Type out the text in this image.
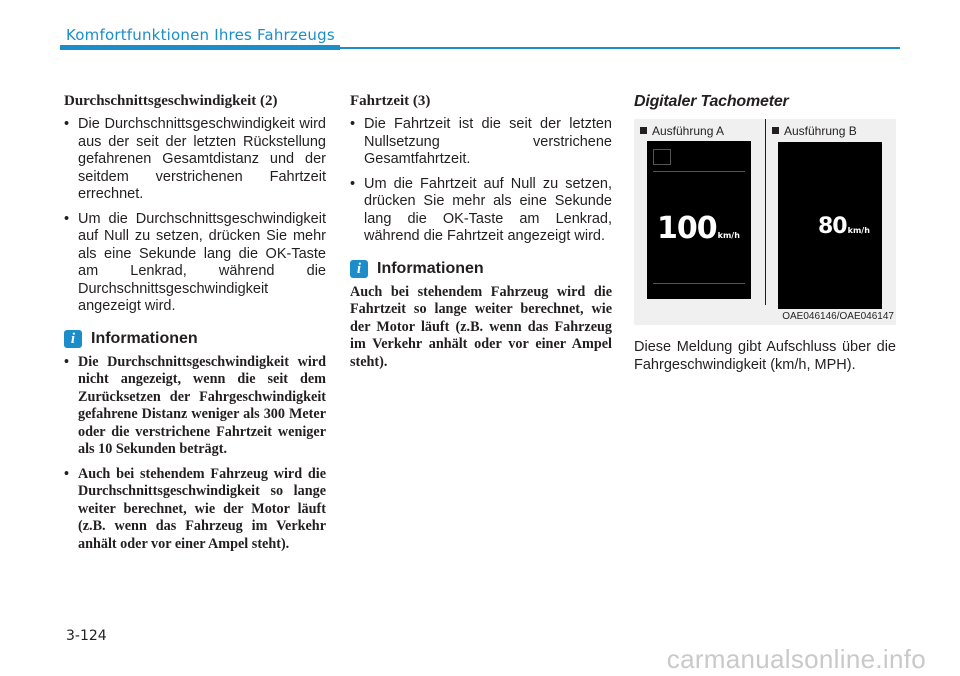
Komfortfunktionen Ihres Fahrzeugs
Durchschnittsgeschwindigkeit (2)
• Die Durchschnittsgeschwindigkeit wird aus der seit der letzten Rückstellung gefahrenen Gesamtdistanz und der seitdem verstrichenen Fahrtzeit errechnet.
• Um die Durchschnittsgeschwindigkeit auf Null zu setzen, drücken Sie mehr als eine Sekunde lang die OK-Taste am Lenkrad, während die Durchschnittsgeschwindigkeit angezeigt wird.
i Informationen
• Die Durchschnittsgeschwindigkeit wird nicht angezeigt, wenn die seit dem Zurücksetzen der Fahrgeschwindigkeit gefahrene Distanz weniger als 300 Meter oder die verstrichene Fahrtzeit weniger als 10 Sekunden beträgt.
• Auch bei stehendem Fahrzeug wird die Durchschnittsgeschwindigkeit so lange weiter berechnet, wie der Motor läuft (z.B. wenn das Fahrzeug im Verkehr anhält oder vor einer Ampel steht).
Fahrtzeit (3)
• Die Fahrtzeit ist die seit der letzten Nullsetzung verstrichene Gesamtfahrtzeit.
• Um die Fahrtzeit auf Null zu setzen, drücken Sie mehr als eine Sekunde lang die OK-Taste am Lenkrad, während die Fahrtzeit angezeigt wird.
i Informationen

Auch bei stehendem Fahrzeug wird die Fahrtzeit so lange weiter berechnet, wie der Motor läuft (z.B. wenn das Fahrzeug im Verkehr anhält oder vor einer Ampel steht).

Digitaler Tachometer
Ausführung A	Ausführung B
100km/h	80km/h
OAE046146/OAE046147

Diese Meldung gibt Aufschluss über die Fahrgeschwindigkeit (km/h, MPH).

3-124
carmanualsonline.info
